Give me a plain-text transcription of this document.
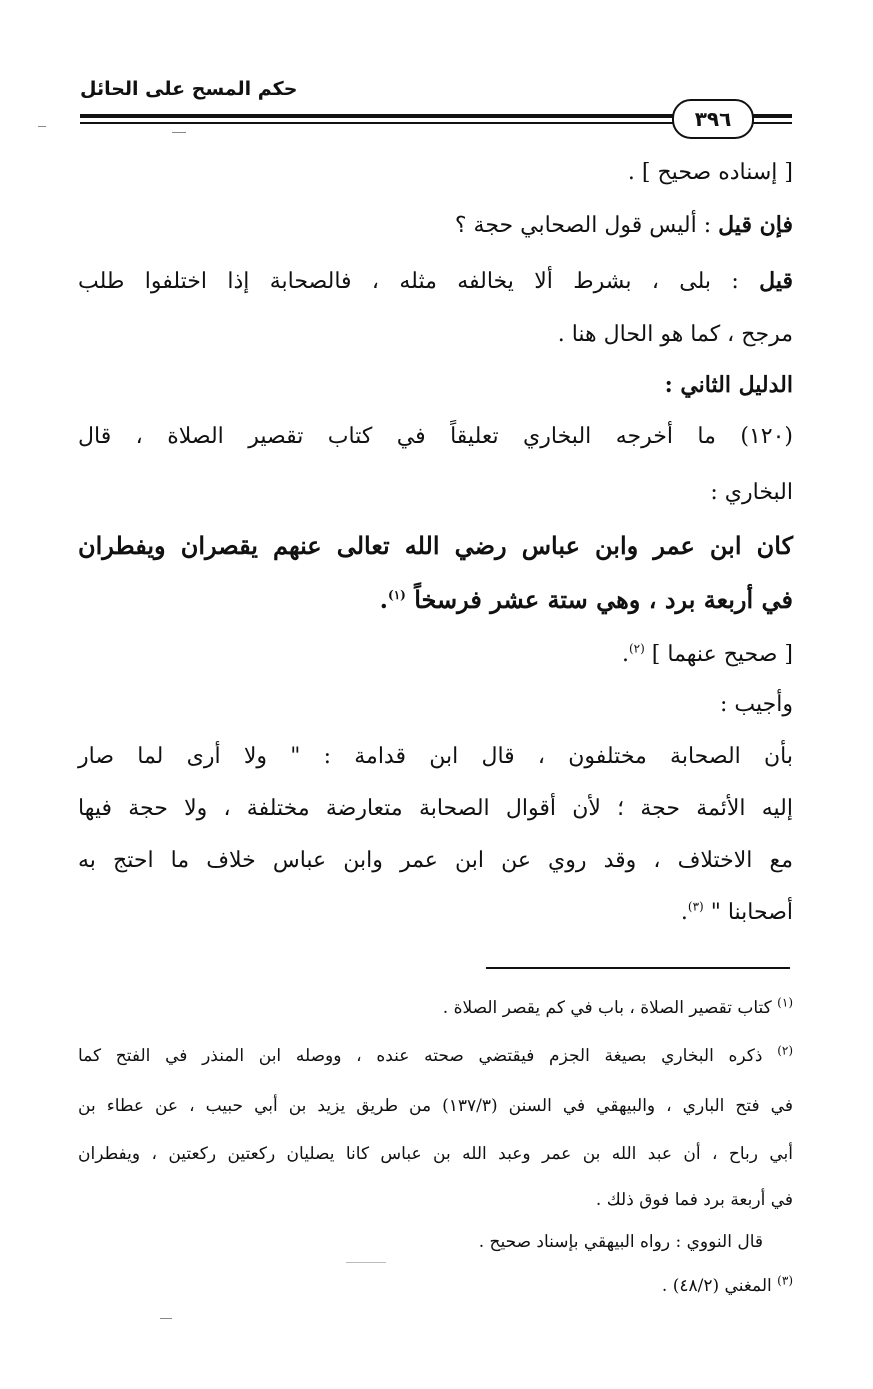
حكم المسح على الحائل
٣٩٦
[ إسناده صحيح ] .
فإن قيل : أليس قول الصحابي حجة ؟
قيل : بلى ، بشرط ألا يخالفه مثله ، فالصحابة إذا اختلفوا طلب
مرجح ، كما هو الحال هنا .
الدليل الثاني :
(١٢٠) ما أخرجه البخاري تعليقاً في كتاب تقصير الصلاة ، قال
البخاري :
كان ابن عمر وابن عباس رضي الله تعالى عنهم يقصران ويفطران
في أربعة برد ، وهي ستة عشر فرسخاً $^{(١)}$.
[ صحيح عنهما ] $^{(٢)}$.
وأجيب :
بأن الصحابة مختلفون ، قال ابن قدامة : " ولا أرى لما صار
إليه الأئمة حجة ؛ لأن أقوال الصحابة متعارضة مختلفة ، ولا حجة فيها
مع الاختلاف ، وقد روي عن ابن عمر وابن عباس خلاف ما احتج به
أصحابنا " $^{(٣)}$.
$^{(١)}$ كتاب تقصير الصلاة ، باب في كم يقصر الصلاة .
$^{(٢)}$ ذكره البخاري بصيغة الجزم فيقتضي صحته عنده ، ووصله ابن المنذر في الفتح كما
في فتح الباري ، والبيهقي في السنن (١٣٧/٣) من طريق يزيد بن أبي حبيب ، عن عطاء بن
أبي رباح ، أن عبد الله بن عمر وعبد الله بن عباس كانا يصليان ركعتين ركعتين ، ويفطران
في أربعة برد فما فوق ذلك .
قال النووي : رواه البيهقي بإسناد صحيح .
$^{(٣)}$ المغني (٤٨/٢) .
